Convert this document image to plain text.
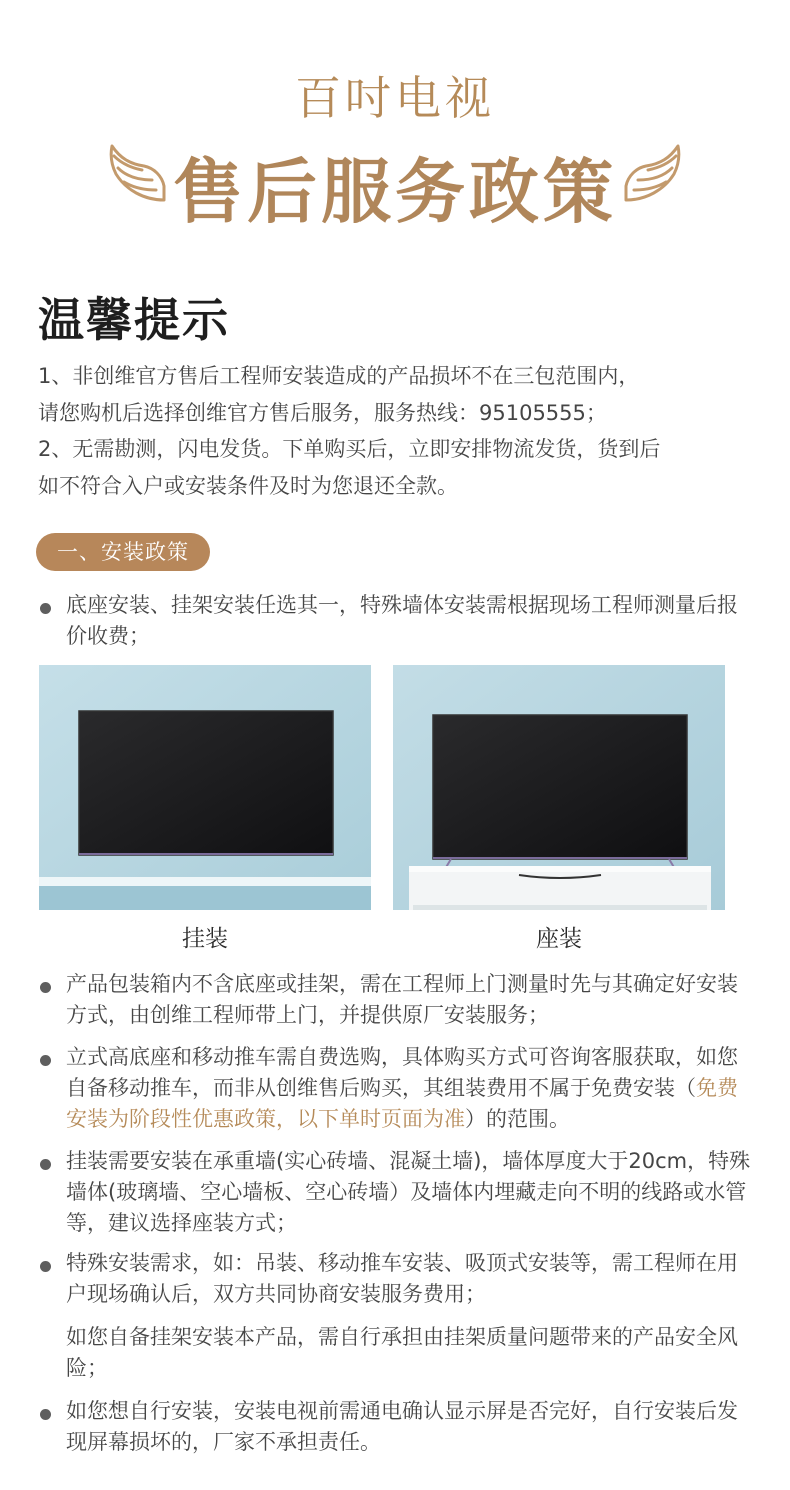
百吋电视
售后服务政策
温馨提示

1、非创维官方售后工程师安装造成的产品损坏不在三包范围内，

请您购机后选择创维官方售后服务，服务热线：95105555；

2、无需勘测，闪电发货。下单购买后，立即安排物流发货，货到后

如不符合入户或安装条件及时为您退还全款。

一、安装政策
底座安装、挂架安装任选其一，特殊墙体安装需根据现场工程师测量后报价收费；
挂装	座装
产品包装箱内不含底座或挂架，需在工程师上门测量时先与其确定好安装方式，由创维工程师带上门，并提供原厂安装服务；
立式高底座和移动推车需自费选购，具体购买方式可咨询客服获取，如您自备移动推车，而非从创维售后购买，其组装费用不属于免费安装（免费安装为阶段性优惠政策，以下单时页面为准）的范围。
挂装需要安装在承重墙(实心砖墙、混凝土墙)，墙体厚度大于20cm，特殊墙体(玻璃墙、空心墙板、空心砖墙）及墙体内埋藏走向不明的线路或水管等，建议选择座装方式；
特殊安装需求，如：吊装、移动推车安装、吸顶式安装等，需工程师在用户现场确认后，双方共同协商安装服务费用；
如您自备挂架安装本产品，需自行承担由挂架质量问题带来的产品安全风险；
如您想自行安装，安装电视前需通电确认显示屏是否完好，自行安装后发现屏幕损坏的，厂家不承担责任。
